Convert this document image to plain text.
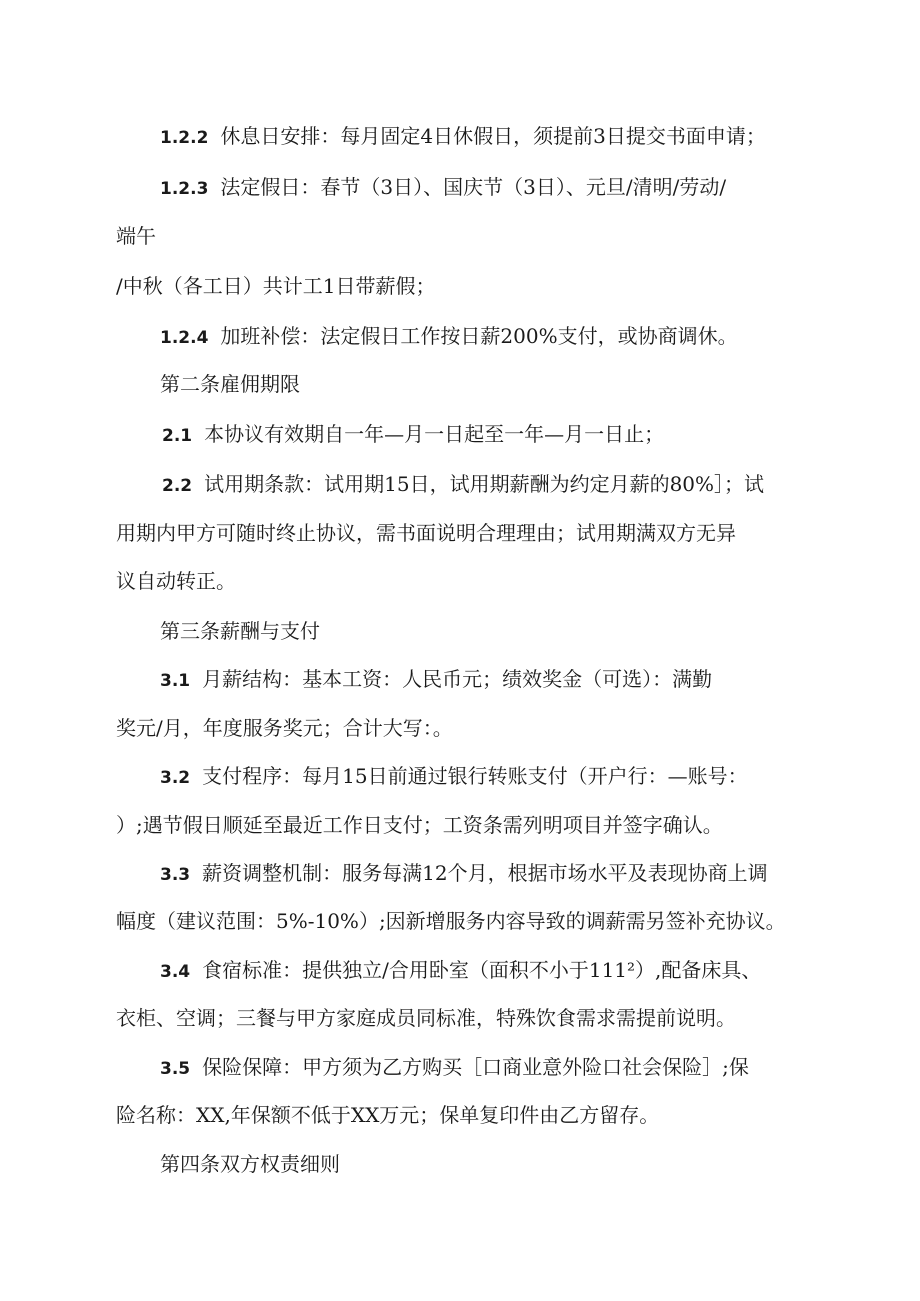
1.2.2 休息日安排：每月固定4日休假日，须提前3日提交书面申请；
1.2.3 法定假日：春节（3日）、国庆节（3日）、元旦/清明/劳动/
端午
/中秋（各工日）共计工1日带薪假；
1.2.4 加班补偿：法定假日工作按日薪200%支付，或协商调休。
第二条雇佣期限
2.1 本协议有效期自一年—月一日起至一年—月一日止；
2.2 试用期条款：试用期15日，试用期薪酬为约定月薪的80%］；试
用期内甲方可随时终止协议，需书面说明合理理由；试用期满双方无异
议自动转正。
第三条薪酬与支付
3.1 月薪结构：基本工资：人民币元；绩效奖金（可选）：满勤
奖元/月，年度服务奖元；合计大写：。
3.2 支付程序：每月15日前通过银行转账支付（开户行：—账号：
）;遇节假日顺延至最近工作日支付；工资条需列明项目并签字确认。
3.3 薪资调整机制：服务每满12个月，根据市场水平及表现协商上调
幅度（建议范围：5%-10%）;因新增服务内容导致的调薪需另签补充协议。
3.4 食宿标准：提供独立/合用卧室（面积不小于111²）,配备床具、
衣柜、空调；三餐与甲方家庭成员同标准，特殊饮食需求需提前说明。
3.5 保险保障：甲方须为乙方购买［口商业意外险口社会保险］;保
险名称：XX,年保额不低于XX万元；保单复印件由乙方留存。
第四条双方权责细则
